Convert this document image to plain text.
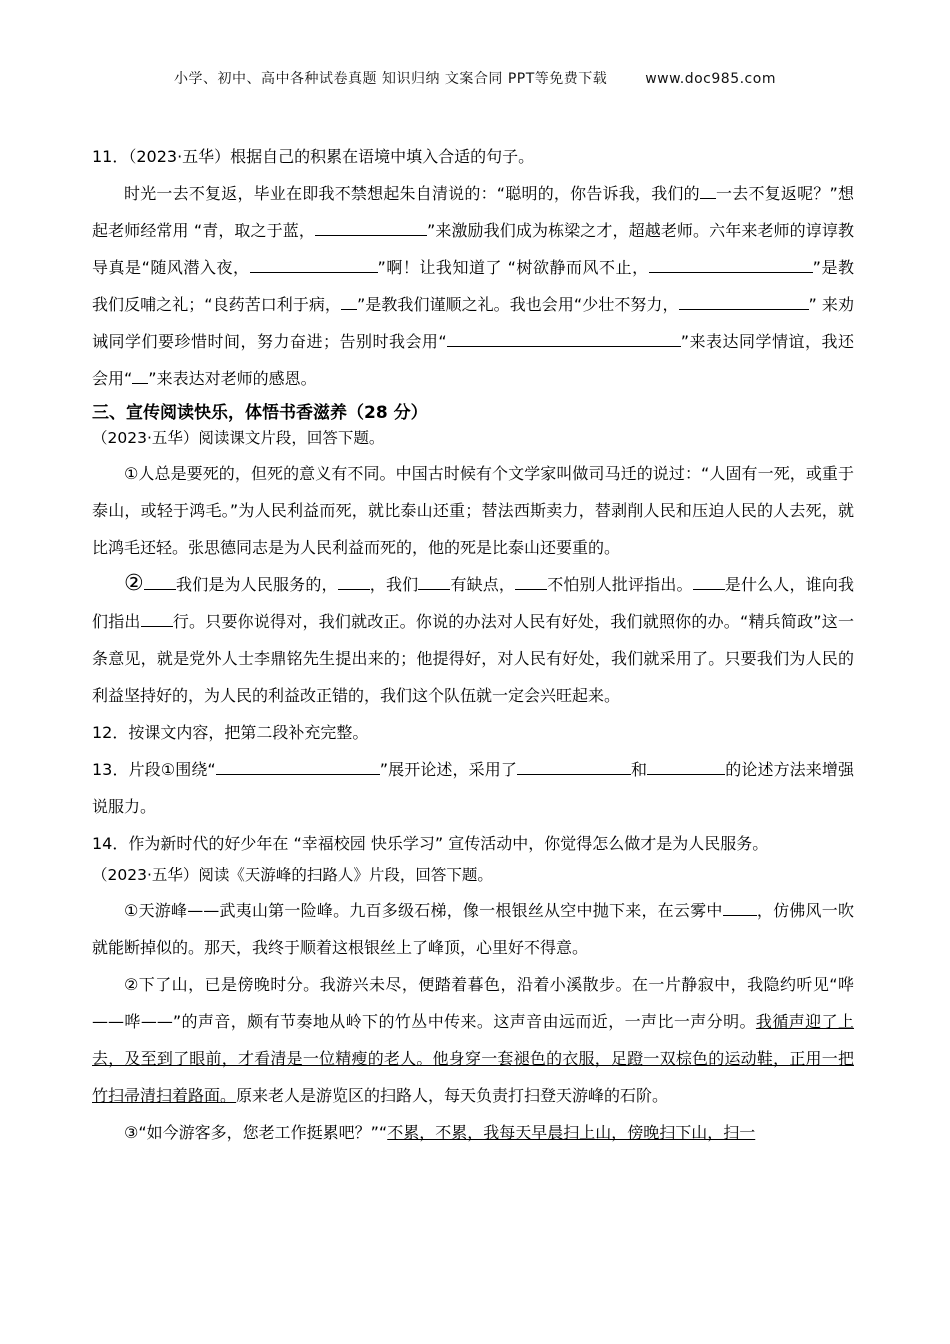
小学、初中、高中各种试卷真题 知识归纳 文案合同 PPT等免费下载	www.doc985.com

11．（2023·五华）根据自己的积累在语境中填入合适的句子。

时光一去不复返，毕业在即我不禁想起朱自清说的：“聪明的，你告诉我，我们的 一去不复返呢？”想起老师经常用 “青，取之于蓝，	”来激励我们成为栋梁之才，超越老师。六年来老师的谆谆教导真是“随风潜入夜，	”啊！让我知道了 “树欲静而风不止，	”是教我们反哺之礼；“良药苦口利于病， ”是教我们谨顺之礼。我也会用“少壮不努力，	” 来劝诫同学们要珍惜时间，努力奋进；告别时我会用“	”来表达同学情谊，我还会用“ ”来表达对老师的感恩。

三、宣传阅读快乐，体悟书香滋养（28 分）

（2023·五华）阅读课文片段，回答下题。

①人总是要死的，但死的意义有不同。中国古时候有个文学家叫做司马迁的说过：“人固有一死，或重于泰山，或轻于鸿毛。”为人民利益而死，就比泰山还重；替法西斯卖力，替剥削人民和压迫人民的人去死，就比鸿毛还轻。张思德同志是为人民利益而死的，他的死是比泰山还要重的。

② 我们是为人民服务的， ，我们 有缺点， 不怕别人批评指出。 是什么人，谁向我们指出 行。只要你说得对，我们就改正。你说的办法对人民有好处，我们就照你的办。“精兵简政”这一条意见，就是党外人士李鼎铭先生提出来的；他提得好，对人民有好处，我们就采用了。只要我们为人民的利益坚持好的，为人民的利益改正错的，我们这个队伍就一定会兴旺起来。

12．按课文内容，把第二段补充完整。

13．片段①围绕“	”展开论述，采用了	和	的论述方法来增强说服力。

14．作为新时代的好少年在 “幸福校园 快乐学习” 宣传活动中，你觉得怎么做才是为人民服务。

（2023·五华）阅读《天游峰的扫路人》片段，回答下题。

①天游峰——武夷山第一险峰。九百多级石梯，像一根银丝从空中抛下来，在云雾中 ，仿佛风一吹就能断掉似的。那天，我终于顺着这根银丝上了峰顶，心里好不得意。

②下了山，已是傍晚时分。我游兴未尽，便踏着暮色，沿着小溪散步。在一片静寂中，我隐约听见“哗——哗——”的声音，颇有节奏地从岭下的竹丛中传来。这声音由远而近，一声比一声分明。我循声迎了上去，及至到了眼前，才看清是一位精瘦的老人。他身穿一套褪色的衣服，足蹬一双棕色的运动鞋，正用一把竹扫帚清扫着路面。原来老人是游览区的扫路人，每天负责打扫登天游峰的石阶。

③“如今游客多，您老工作挺累吧？”“不累，不累，我每天早晨扫上山，傍晚扫下山，扫一
